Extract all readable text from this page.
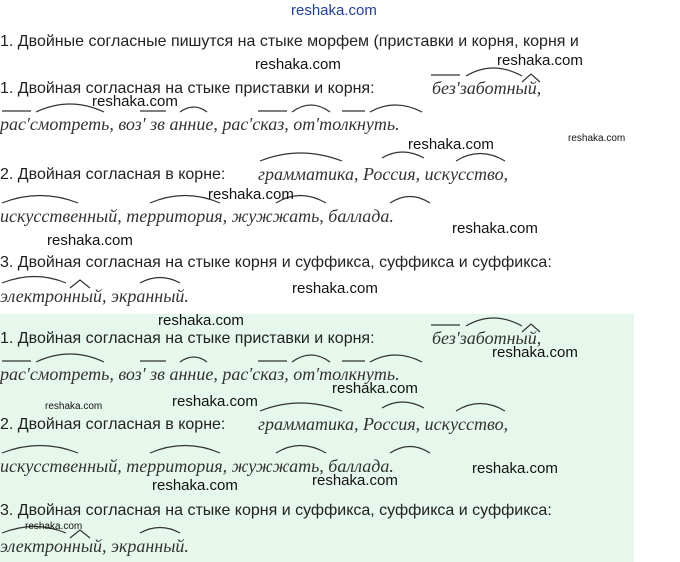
reshaka.com
1. Двойные согласные пишутся на стыке морфем (приставки и корня, корня и
1. Двойная согласная на стыке приставки и корня:	без′заботный,
рас′смотреть, воз′ зв анние, рас′сказ, от′толкнуть.
2. Двойная согласная в корне: грамматика, Россия, искусство,
искусственный, территория, жужжать, баллада.
3. Двойная согласная на стыке корня и суффикса, суффикса и суффикса:
электронный, экранный.
1. Двойная согласная на стыке приставки и корня:	без′заботный,
рас′смотреть, воз′ зв анние, рас′сказ, от′толкнуть.
2. Двойная согласная в корне: грамматика, Россия, искусство,
искусственный, территория, жужжать, баллада.
3. Двойная согласная на стыке корня и суффикса, суффикса и суффикса:
электронный, экранный.
reshaka.com	reshaka.com
reshaka.com
reshaka.com
reshaka.com
reshaka.com
reshaka.com
reshaka.com
reshaka.com
reshaka.com
reshaka.com
reshaka.com
reshaka.com
reshaka.com
reshaka.com
reshaka.com
reshaka.com
reshaka.com
